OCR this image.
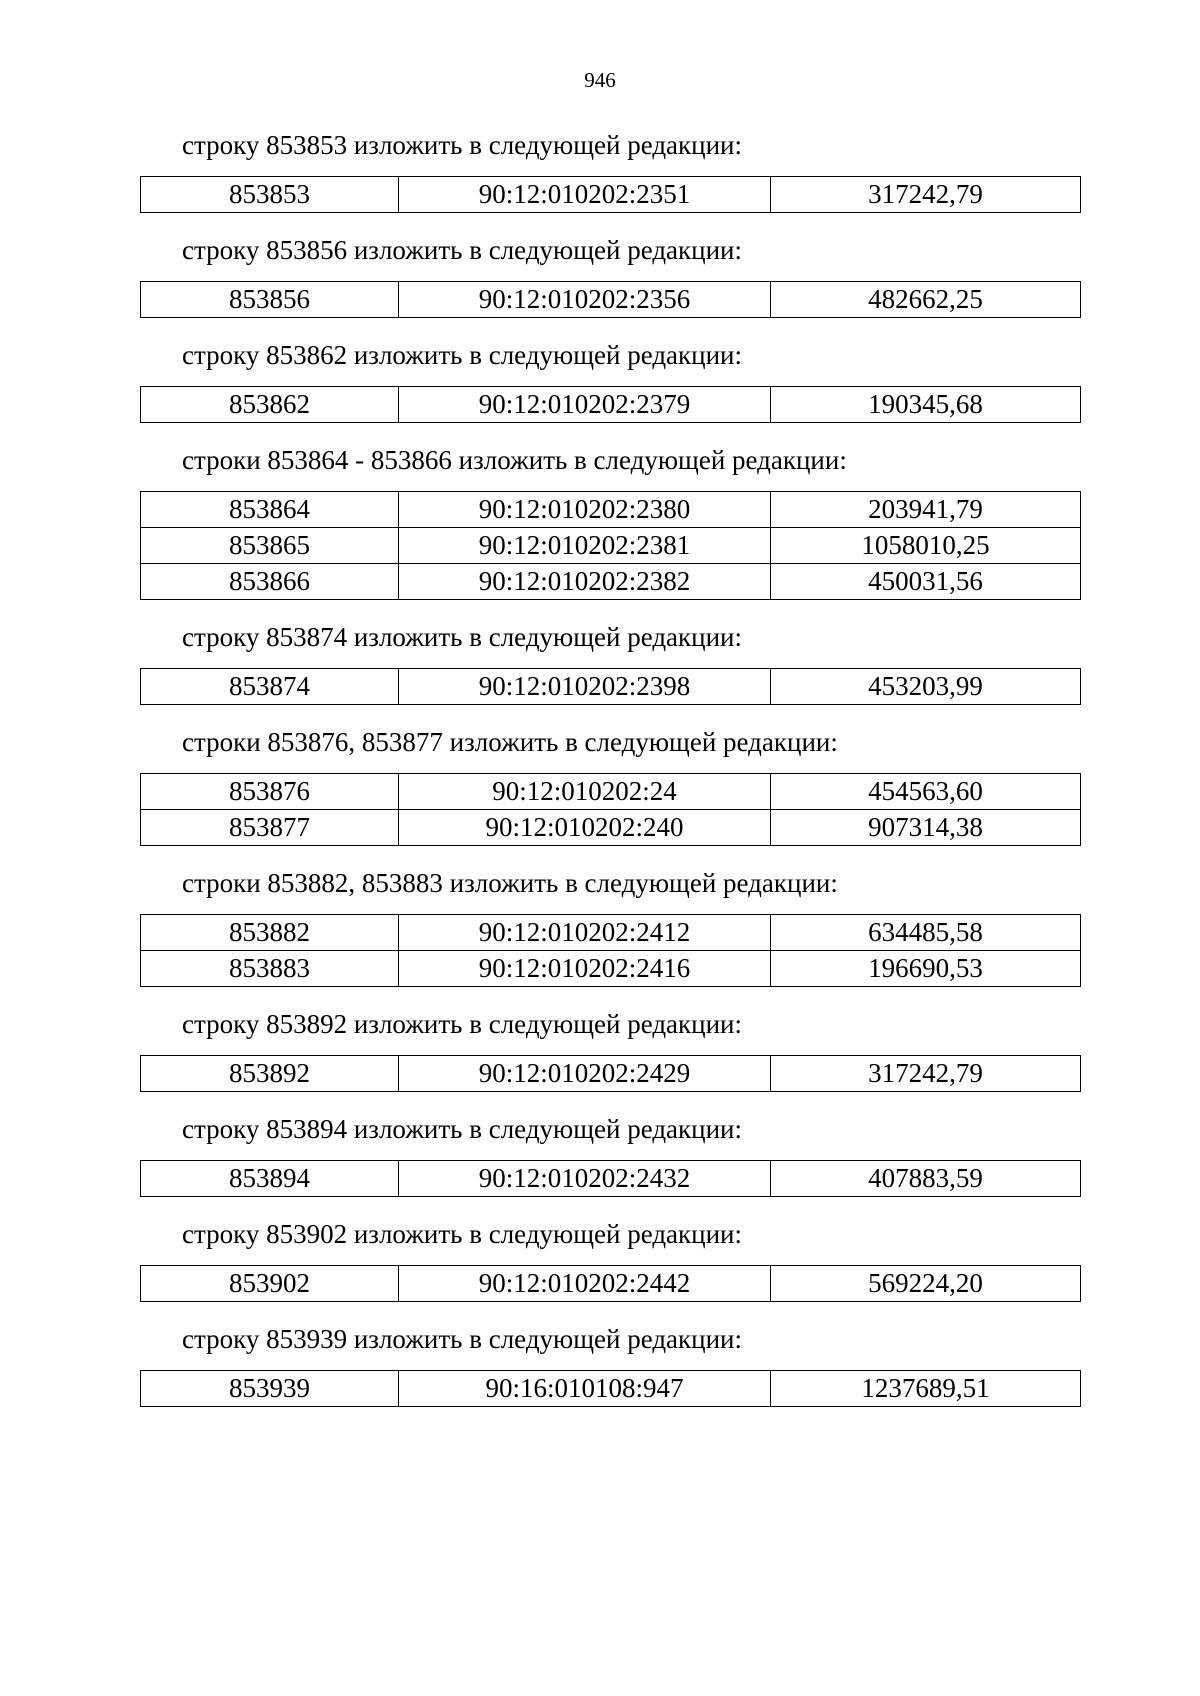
946
строку 853853 изложить в следующей редакции:
853853	90:12:010202:2351	317242,79
строку 853856 изложить в следующей редакции:
853856	90:12:010202:2356	482662,25
строку 853862 изложить в следующей редакции:
853862	90:12:010202:2379	190345,68
строки 853864 - 853866 изложить в следующей редакции:
853864	90:12:010202:2380	203941,79
853865	90:12:010202:2381	1058010,25
853866	90:12:010202:2382	450031,56
строку 853874 изложить в следующей редакции:
853874	90:12:010202:2398	453203,99
строки 853876, 853877 изложить в следующей редакции:
853876	90:12:010202:24	454563,60
853877	90:12:010202:240	907314,38
строки 853882, 853883 изложить в следующей редакции:
853882	90:12:010202:2412	634485,58
853883	90:12:010202:2416	196690,53
строку 853892 изложить в следующей редакции:
853892	90:12:010202:2429	317242,79
строку 853894 изложить в следующей редакции:
853894	90:12:010202:2432	407883,59
строку 853902 изложить в следующей редакции:
853902	90:12:010202:2442	569224,20
строку 853939 изложить в следующей редакции:
853939	90:16:010108:947	1237689,51
